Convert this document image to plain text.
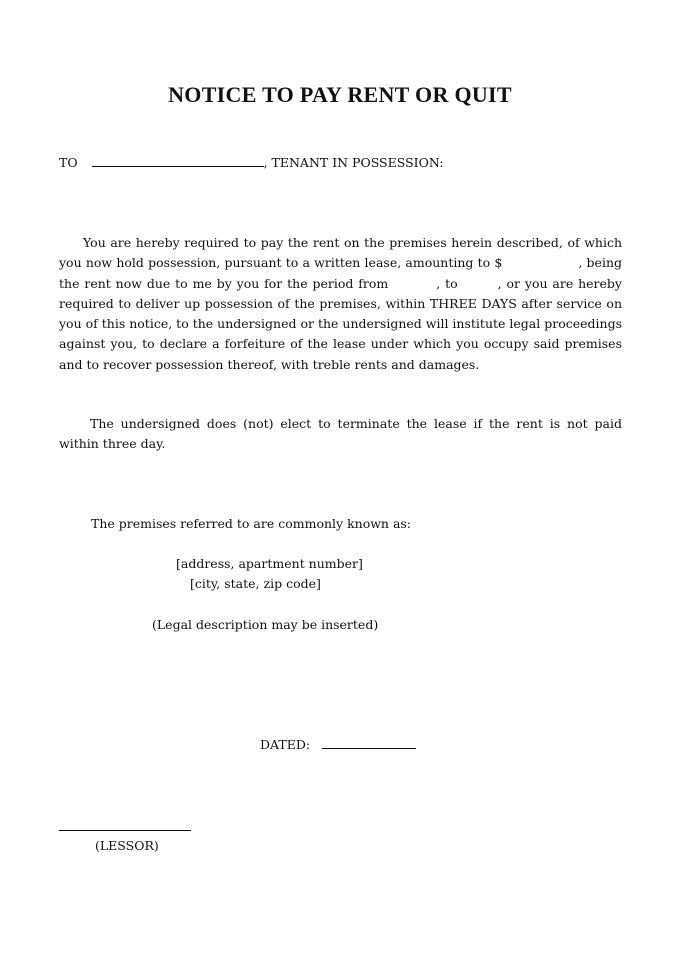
NOTICE TO PAY RENT OR QUIT
TO	, TENANT IN POSSESSION:
You are hereby required to pay the rent on the premises herein described, of which you now hold possession, pursuant to a written lease, amounting to $	, being the rent now due to me by you for the period from	, to	, or you are hereby required to deliver up possession of the premises, within THREE DAYS after service on you of this notice, to the undersigned or the undersigned will institute legal proceedings against you, to declare a forfeiture of the lease under which you occupy said premises and to recover possession thereof, with treble rents and damages.
The undersigned does (not) elect to terminate the lease if the rent is not paid within three day.
The premises referred to are commonly known as:
[address, apartment number]
[city, state, zip code]
(Legal description may be inserted)
DATED:
(LESSOR)
